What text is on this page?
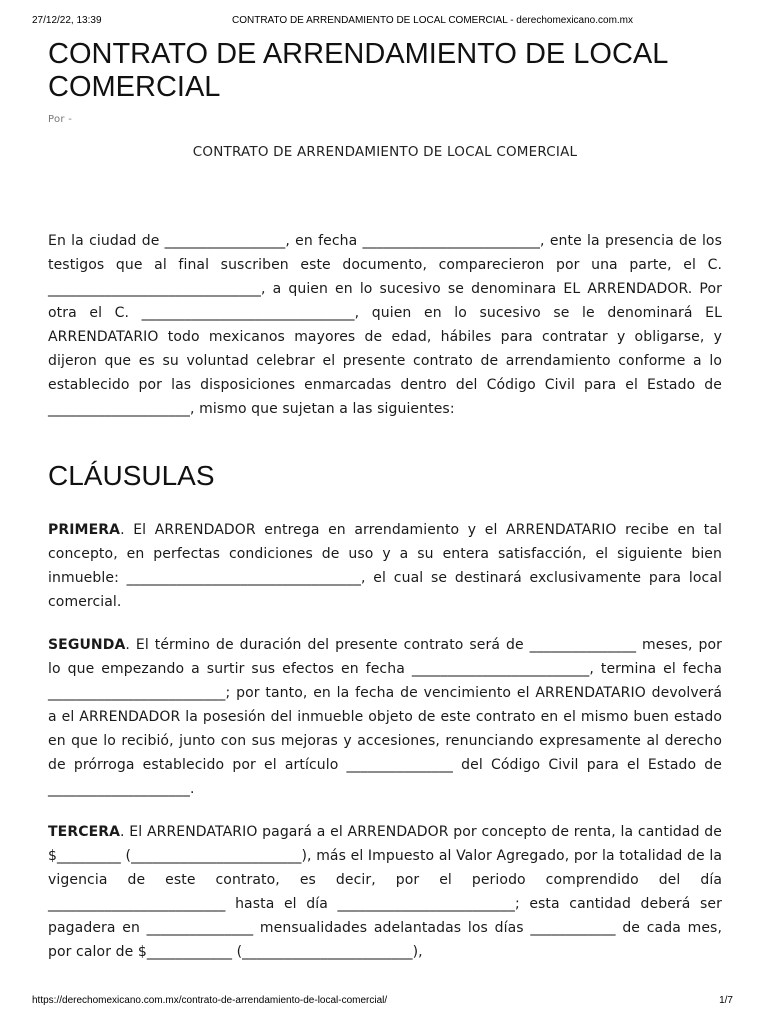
27/12/22, 13:39	CONTRATO DE ARRENDAMIENTO DE LOCAL COMERCIAL - derechomexicano.com.mx
CONTRATO DE ARRENDAMIENTO DE LOCAL COMERCIAL
Por -
CONTRATO DE ARRENDAMIENTO DE LOCAL COMERCIAL

En la ciudad de _________________, en fecha _________________________, ente la presencia de los testigos que al final suscriben este documento, comparecieron por una parte, el C. ______________________________, a quien en lo sucesivo se denominara EL ARRENDADOR. Por otra el C. ______________________________, quien en lo sucesivo se le denominará EL ARRENDATARIO todo mexicanos mayores de edad, hábiles para contratar y obligarse, y dijeron que es su voluntad celebrar el presente contrato de arrendamiento conforme a lo establecido por las disposiciones enmarcadas dentro del Código Civil para el Estado de ____________________, mismo que sujetan a las siguientes:

CLÁUSULAS

PRIMERA. El ARRENDADOR entrega en arrendamiento y el ARRENDATARIO recibe en tal concepto, en perfectas condiciones de uso y a su entera satisfacción, el siguiente bien inmueble: _________________________________, el cual se destinará exclusivamente para local comercial.

SEGUNDA. El término de duración del presente contrato será de _______________ meses, por lo que empezando a surtir sus efectos en fecha _________________________, termina el fecha _________________________; por tanto, en la fecha de vencimiento el ARRENDATARIO devolverá a el ARRENDADOR la posesión del inmueble objeto de este contrato en el mismo buen estado en que lo recibió, junto con sus mejoras y accesiones, renunciando expresamente al derecho de prórroga establecido por el artículo _______________ del Código Civil para el Estado de ____________________.

TERCERA. El ARRENDATARIO pagará a el ARRENDADOR por concepto de renta, la cantidad de $_________ (________________________), más el Impuesto al Valor Agregado, por la totalidad de la vigencia de este contrato, es decir, por el periodo comprendido del día _________________________ hasta el día _________________________; esta cantidad deberá ser pagadera en _______________ mensualidades adelantadas los días ____________ de cada mes, por calor de $____________ (________________________),

https://derechomexicano.com.mx/contrato-de-arrendamiento-de-local-comercial/	1/7
